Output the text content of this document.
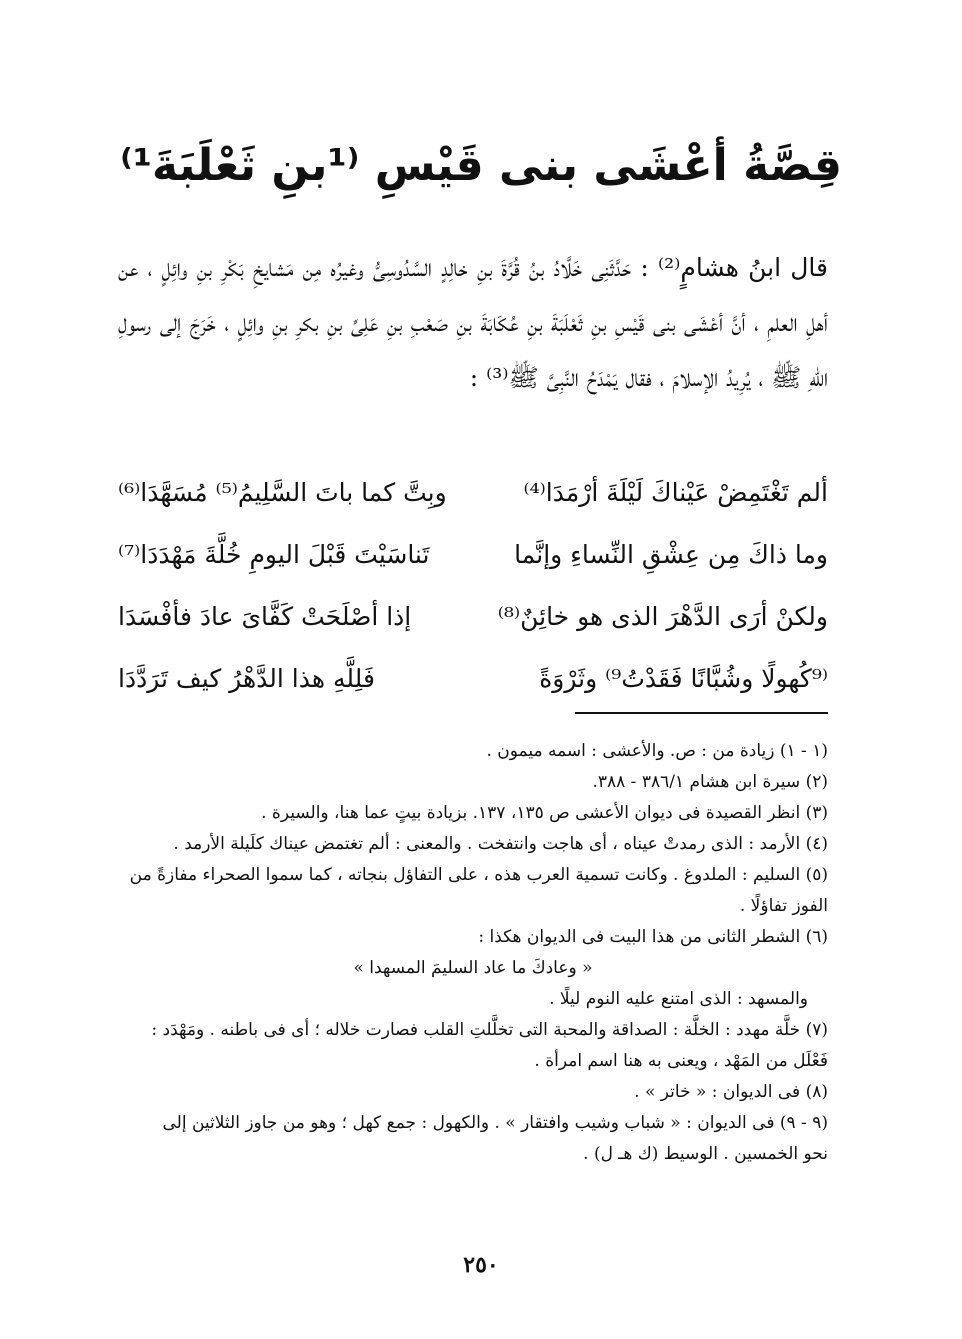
قِصَّةُ أعْشَى بنى قَيْسِ ⁽¹بنِ ثَعْلَبَةَ¹⁾
قال ابنُ هشامٍ⁽²⁾ : حَدَّثَنِى خَلَّادُ بنُ قُرَّةَ بنِ خالِدٍ السَّدُوسِىُّ وغيرُه مِن مَشايخِ بَكْرِ بنِ وائِلٍ ، عن أهلِ العلمِ ، أنَّ أعْشَى بنى قَيْسِ بنِ ثَعْلَبَةَ بنِ عُكَابَةَ بنِ صَعْبِ بنِ عَلِىِّ بنِ بكرِ بنِ وائِلٍ ، خَرَجَ إلى رسولِ اللّهِ ﷺ ، يُرِيدُ الإسلامَ ، فقال يَمْدَحُ النَّبِىَّ ﷺ⁽³⁾ :
ألم تَغْتَمِضْ عَيْناكَ لَيْلَةَ أرْمَدَا⁽⁴⁾
وبِتَّ كما باتَ السَّلِيمُ⁽⁵⁾ مُسَهَّدَا⁽⁶⁾
وما ذاكَ مِن عِشْقِ النِّساءِ وإنَّما
تَناسَيْتَ قَبْلَ اليومِ خُلَّةَ مَهْدَدَا⁽⁷⁾
ولكنْ أرَى الدَّهْرَ الذى هو خائِنٌ⁽⁸⁾
إذا أصْلَحَتْ كَفَّاىَ عادَ فأفْسَدَا
⁽⁹كُهولًا وشُبَّانًا فَقَدْتُ⁹⁾ وثَرْوَةً
فَلِلَّهِ هذا الدَّهْرُ كيف تَرَدَّدَا

(١ - ١) زيادة من : ص. والأعشى : اسمه ميمون .

(٢) سيرة ابن هشام ٣٨٦/١ - ٣٨٨.

(٣) انظر القصيدة فى ديوان الأعشى ص ١٣٥، ١٣٧. بزيادة بيتٍ عما هنا، والسيرة .

(٤) الأرمد : الذى رمدتْ عيناه ، أى هاجت وانتفخت . والمعنى : ألم تغتمض عيناك كلَيلة الأرمد .

(٥) السليم : الملدوغ . وكانت تسمية العرب هذه ، على التفاؤل بنجاته ، كما سموا الصحراء مفازةً من

الفوز تفاؤلًا .

(٦) الشطر الثانى من هذا البيت فى الديوان هكذا :

« وعادكَ ما عاد السليمَ المسهدا »

والمسهد : الذى امتنع عليه النوم ليلًا .

(٧) خلَّة مهدد : الخلَّة : الصداقة والمحبة التى تخلَّلتِ القلب فصارت خلاله ؛ أى فى باطنه . ومَهْدَد :

فَعْلَل من المَهْد ، ويعنى به هنا اسم امرأة .

(٨) فى الديوان : « خاتر » .

(٩ - ٩) فى الديوان : « شباب وشيب وافتقار » . والكهول : جمع كهل ؛ وهو من جاوز الثلاثين إلى

نحو الخمسين . الوسيط (ك هـ ل) .

٢٥٠
